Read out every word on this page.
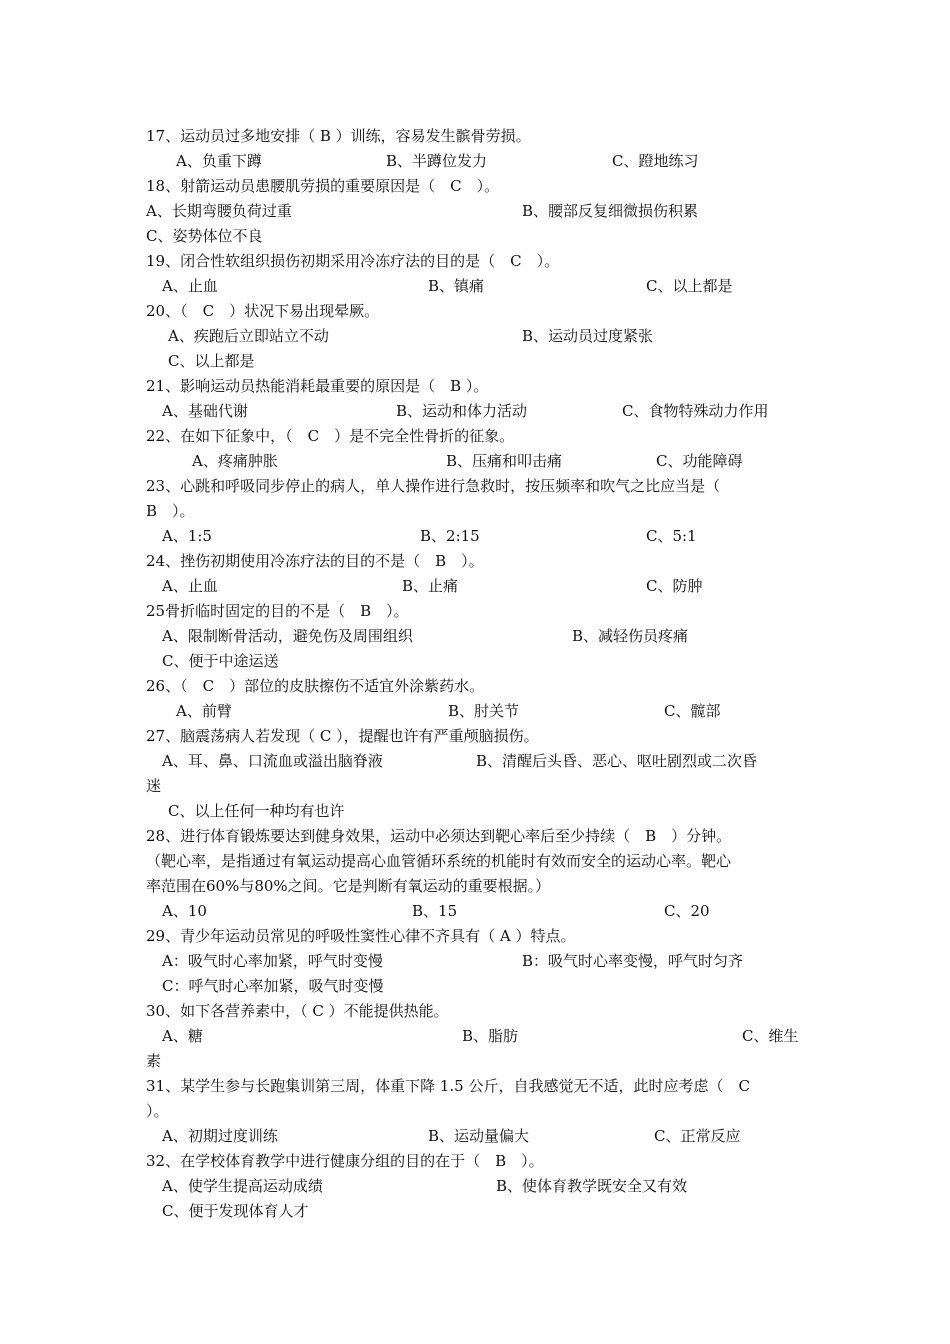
17、运动员过多地安排（ B ）训练，容易发生髌骨劳损。
A、负重下蹲	B、半蹲位发力	C、蹬地练习
18、射箭运动员患腰肌劳损的重要原因是（　C　）。
A、长期弯腰负荷过重	B、腰部反复细微损伤积累
C、姿势体位不良
19、闭合性软组织损伤初期采用冷冻疗法的目的是（　C　）。
A、止血	B、镇痛	C、以上都是
20、（　C　）状况下易出现晕厥。
A、疾跑后立即站立不动	B、运动员过度紧张
C、以上都是
21、影响运动员热能消耗最重要的原因是（　B ）。
A、基础代谢	B、运动和体力活动	C、食物特殊动力作用
22、在如下征象中，（　C　）是不完全性骨折的征象。
A、疼痛肿胀	B、压痛和叩击痛	C、功能障碍
23、心跳和呼吸同步停止的病人，单人操作进行急救时，按压频率和吹气之比应当是（
B　）。
A、1:5	B、2:15	C、5:1
24、挫伤初期使用冷冻疗法的目的不是（　B　）。
A、止血	B、止痛	C、防肿
25骨折临时固定的目的不是（　B　）。
A、限制断骨活动，避免伤及周围组织	B、减轻伤员疼痛
C、便于中途运送
26、（　C　）部位的皮肤擦伤不适宜外涂紫药水。
A、前臂	B、肘关节	C、髋部
27、脑震荡病人若发现（ C ），提醒也许有严重颅脑损伤。
A、耳、鼻、口流血或溢出脑脊液	B、清醒后头昏、恶心、呕吐剧烈或二次昏
迷
C、以上任何一种均有也许
28、进行体育锻炼要达到健身效果，运动中必须达到靶心率后至少持续（　B　）分钟。
（靶心率，是指通过有氧运动提高心血管循环系统的机能时有效而安全的运动心率。靶心
率范围在60%与80%之间。它是判断有氧运动的重要根据。）
A、10	B、15	C、20
29、青少年运动员常见的呼吸性窦性心律不齐具有（ A ）特点。
A：吸气时心率加紧，呼气时变慢	B：吸气时心率变慢，呼气时匀齐
C：呼气时心率加紧，吸气时变慢
30、如下各营养素中，（ C ）不能提供热能。
A、糖	B、脂肪	C、维生
素
31、某学生参与长跑集训第三周，体重下降 1.5 公斤，自我感觉无不适，此时应考虑（　C
）。
A、初期过度训练	B、运动量偏大	C、正常反应
32、在学校体育教学中进行健康分组的目的在于（　B　）。
A、使学生提高运动成绩	B、使体育教学既安全又有效
C、便于发现体育人才
